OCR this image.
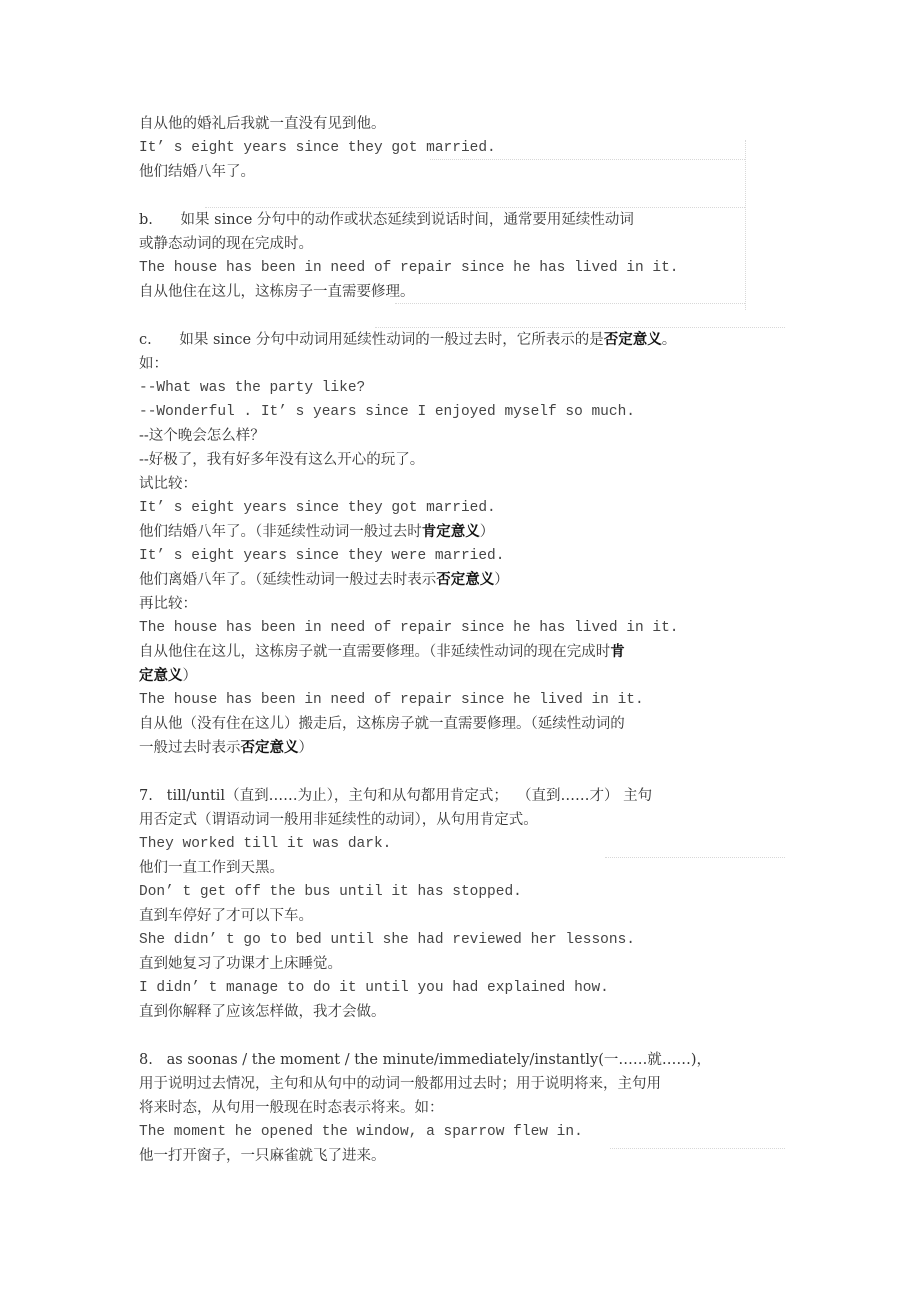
自从他的婚礼后我就一直没有见到他。
It’ s eight years since they got married.
他们结婚八年了。
b.      如果 since 分句中的动作或状态延续到说话时间，通常要用延续性动词
或静态动词的现在完成时。
The house has been in need of repair since he has lived in it.
自从他住在这儿，这栋房子一直需要修理。
c.      如果 since 分句中动词用延续性动词的一般过去时，它所表示的是否定意义。
如：
--What was the party like?
--Wonderful . It’ s years since I enjoyed myself so much.
--这个晚会怎么样？
--好极了，我有好多年没有这么开心的玩了。
试比较：
It’ s eight years since they got married.
他们结婚八年了。（非延续性动词一般过去时肯定意义）
It’ s eight years since they were married.
他们离婚八年了。（延续性动词一般过去时表示否定意义）
再比较：
The house has been in need of repair since he has lived in it.
自从他住在这儿，这栋房子就一直需要修理。（非延续性动词的现在完成时肯
定意义）
The house has been in need of repair since he lived in it.
自从他（没有住在这儿）搬走后，这栋房子就一直需要修理。（延续性动词的
一般过去时表示否定意义）
7.   till/until（直到……为止），主句和从句都用肯定式；  （直到……才） 主句
用否定式（谓语动词一般用非延续性的动词），从句用肯定式。
They worked till it was dark.
他们一直工作到天黑。
Don’ t get off the bus until it has stopped.
直到车停好了才可以下车。
She didn’ t go to bed until she had reviewed her lessons.
直到她复习了功课才上床睡觉。
I didn’ t manage to do it until you had explained how.
直到你解释了应该怎样做，我才会做。
8.   as soonas / the moment / the minute/immediately/instantly(一……就……)，
用于说明过去情况，主句和从句中的动词一般都用过去时；用于说明将来，主句用
将来时态，从句用一般现在时态表示将来。如：
The moment he opened the window, a sparrow flew in.
他一打开窗子，一只麻雀就飞了进来。
